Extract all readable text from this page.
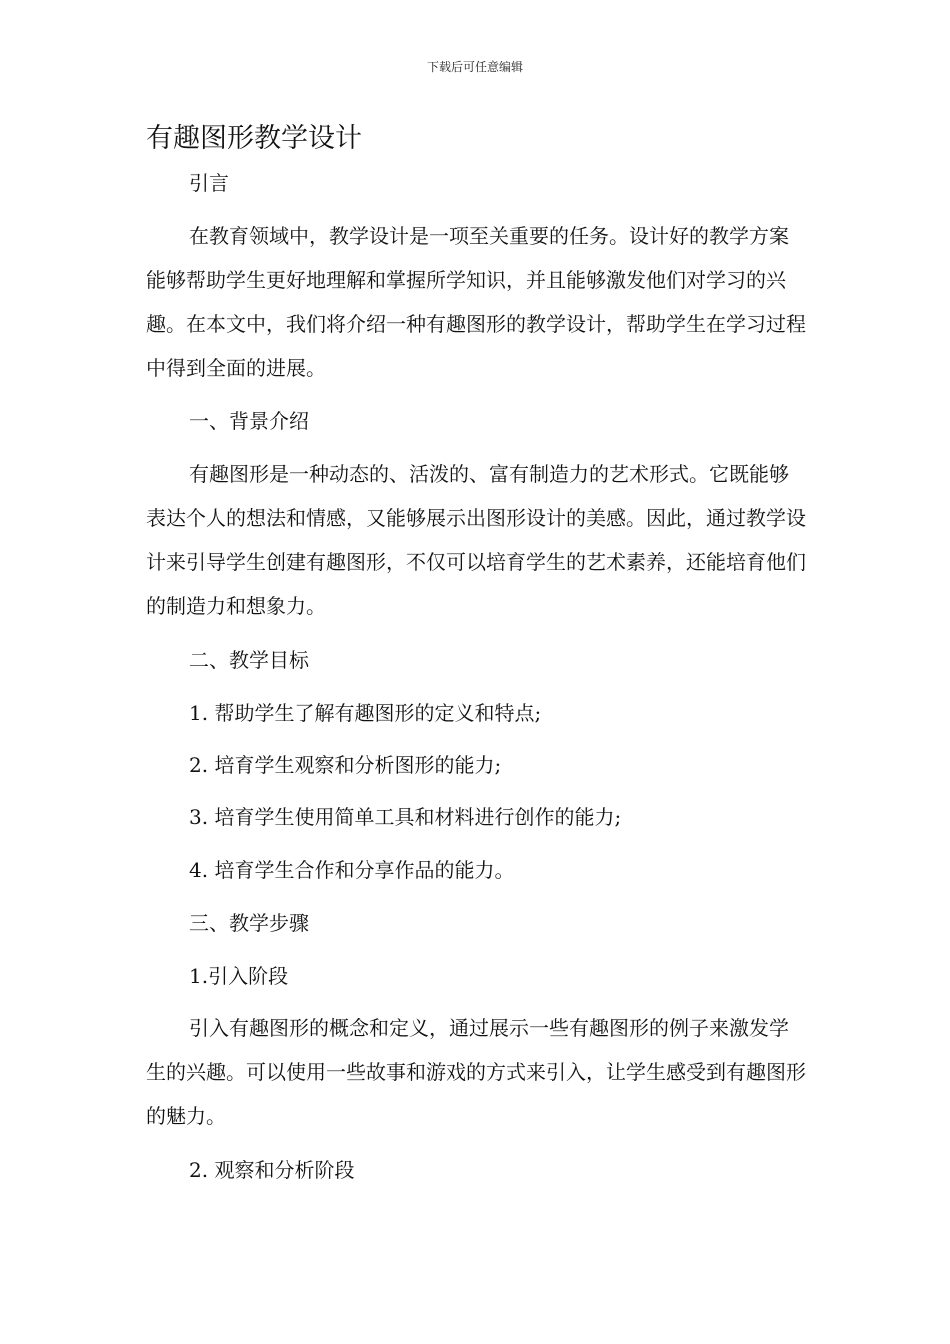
下载后可任意编辑
有趣图形教学设计
引言
在教育领域中，教学设计是一项至关重要的任务。设计好的教学方案能够帮助学生更好地理解和掌握所学知识，并且能够激发他们对学习的兴趣。在本文中，我们将介绍一种有趣图形的教学设计，帮助学生在学习过程中得到全面的进展。
一、背景介绍
有趣图形是一种动态的、活泼的、富有制造力的艺术形式。它既能够表达个人的想法和情感，又能够展示出图形设计的美感。因此，通过教学设计来引导学生创建有趣图形，不仅可以培育学生的艺术素养，还能培育他们的制造力和想象力。
二、教学目标
1. 帮助学生了解有趣图形的定义和特点;
2. 培育学生观察和分析图形的能力;
3. 培育学生使用简单工具和材料进行创作的能力;
4. 培育学生合作和分享作品的能力。
三、教学步骤
1.引入阶段
引入有趣图形的概念和定义，通过展示一些有趣图形的例子来激发学生的兴趣。可以使用一些故事和游戏的方式来引入，让学生感受到有趣图形的魅力。
2. 观察和分析阶段
